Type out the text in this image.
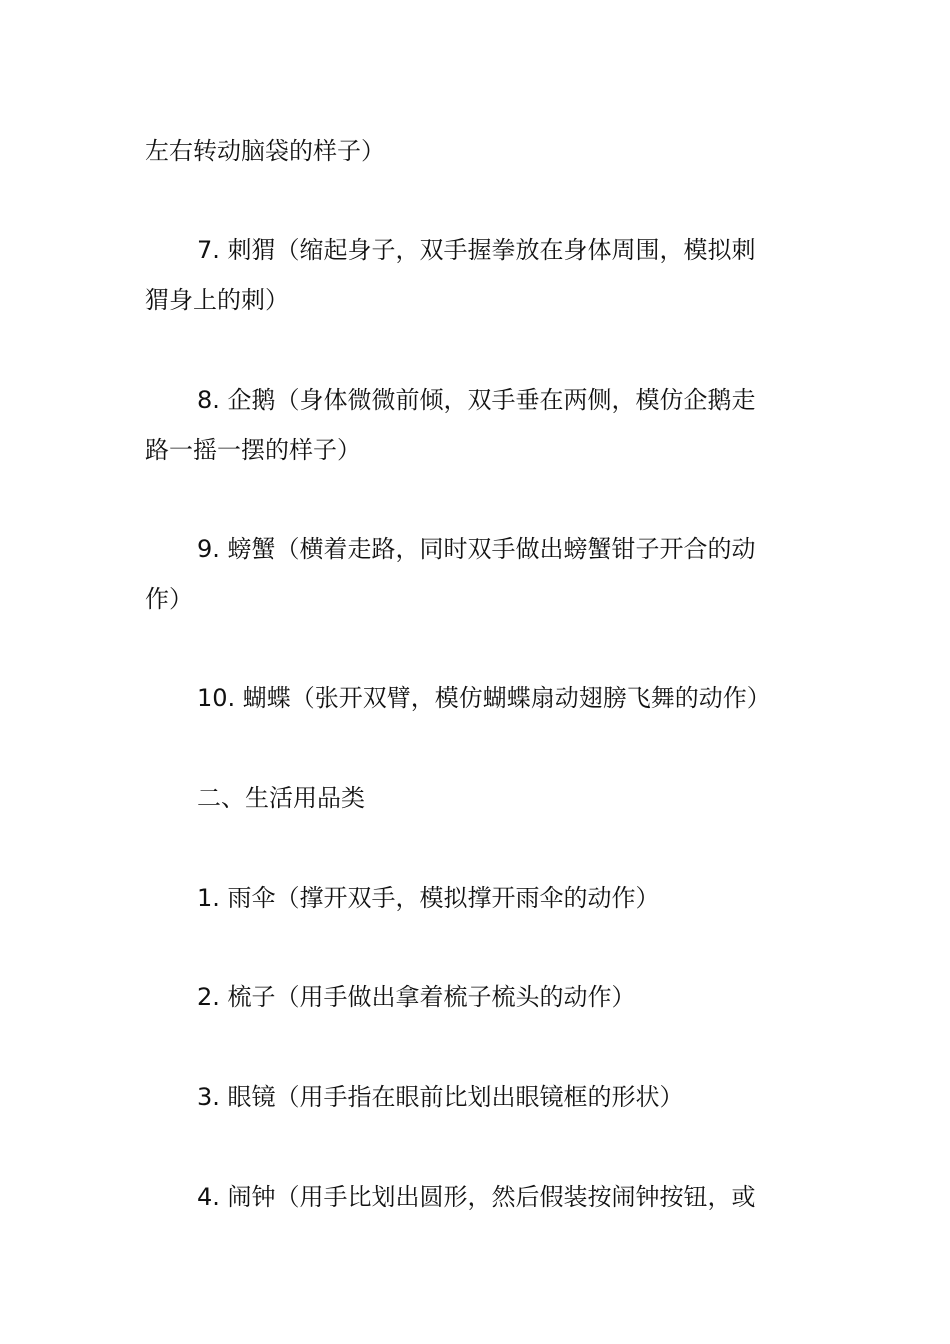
左右转动脑袋的样子）
7. 刺猬（缩起身子，双手握拳放在身体周围，模拟刺
猬身上的刺）
8. 企鹅（身体微微前倾，双手垂在两侧，模仿企鹅走
路一摇一摆的样子）
9. 螃蟹（横着走路，同时双手做出螃蟹钳子开合的动
作）
10. 蝴蝶（张开双臂，模仿蝴蝶扇动翅膀飞舞的动作）
二、生活用品类
1. 雨伞（撑开双手，模拟撑开雨伞的动作）
2. 梳子（用手做出拿着梳子梳头的动作）
3. 眼镜（用手指在眼前比划出眼镜框的形状）
4. 闹钟（用手比划出圆形，然后假装按闹钟按钮，或
